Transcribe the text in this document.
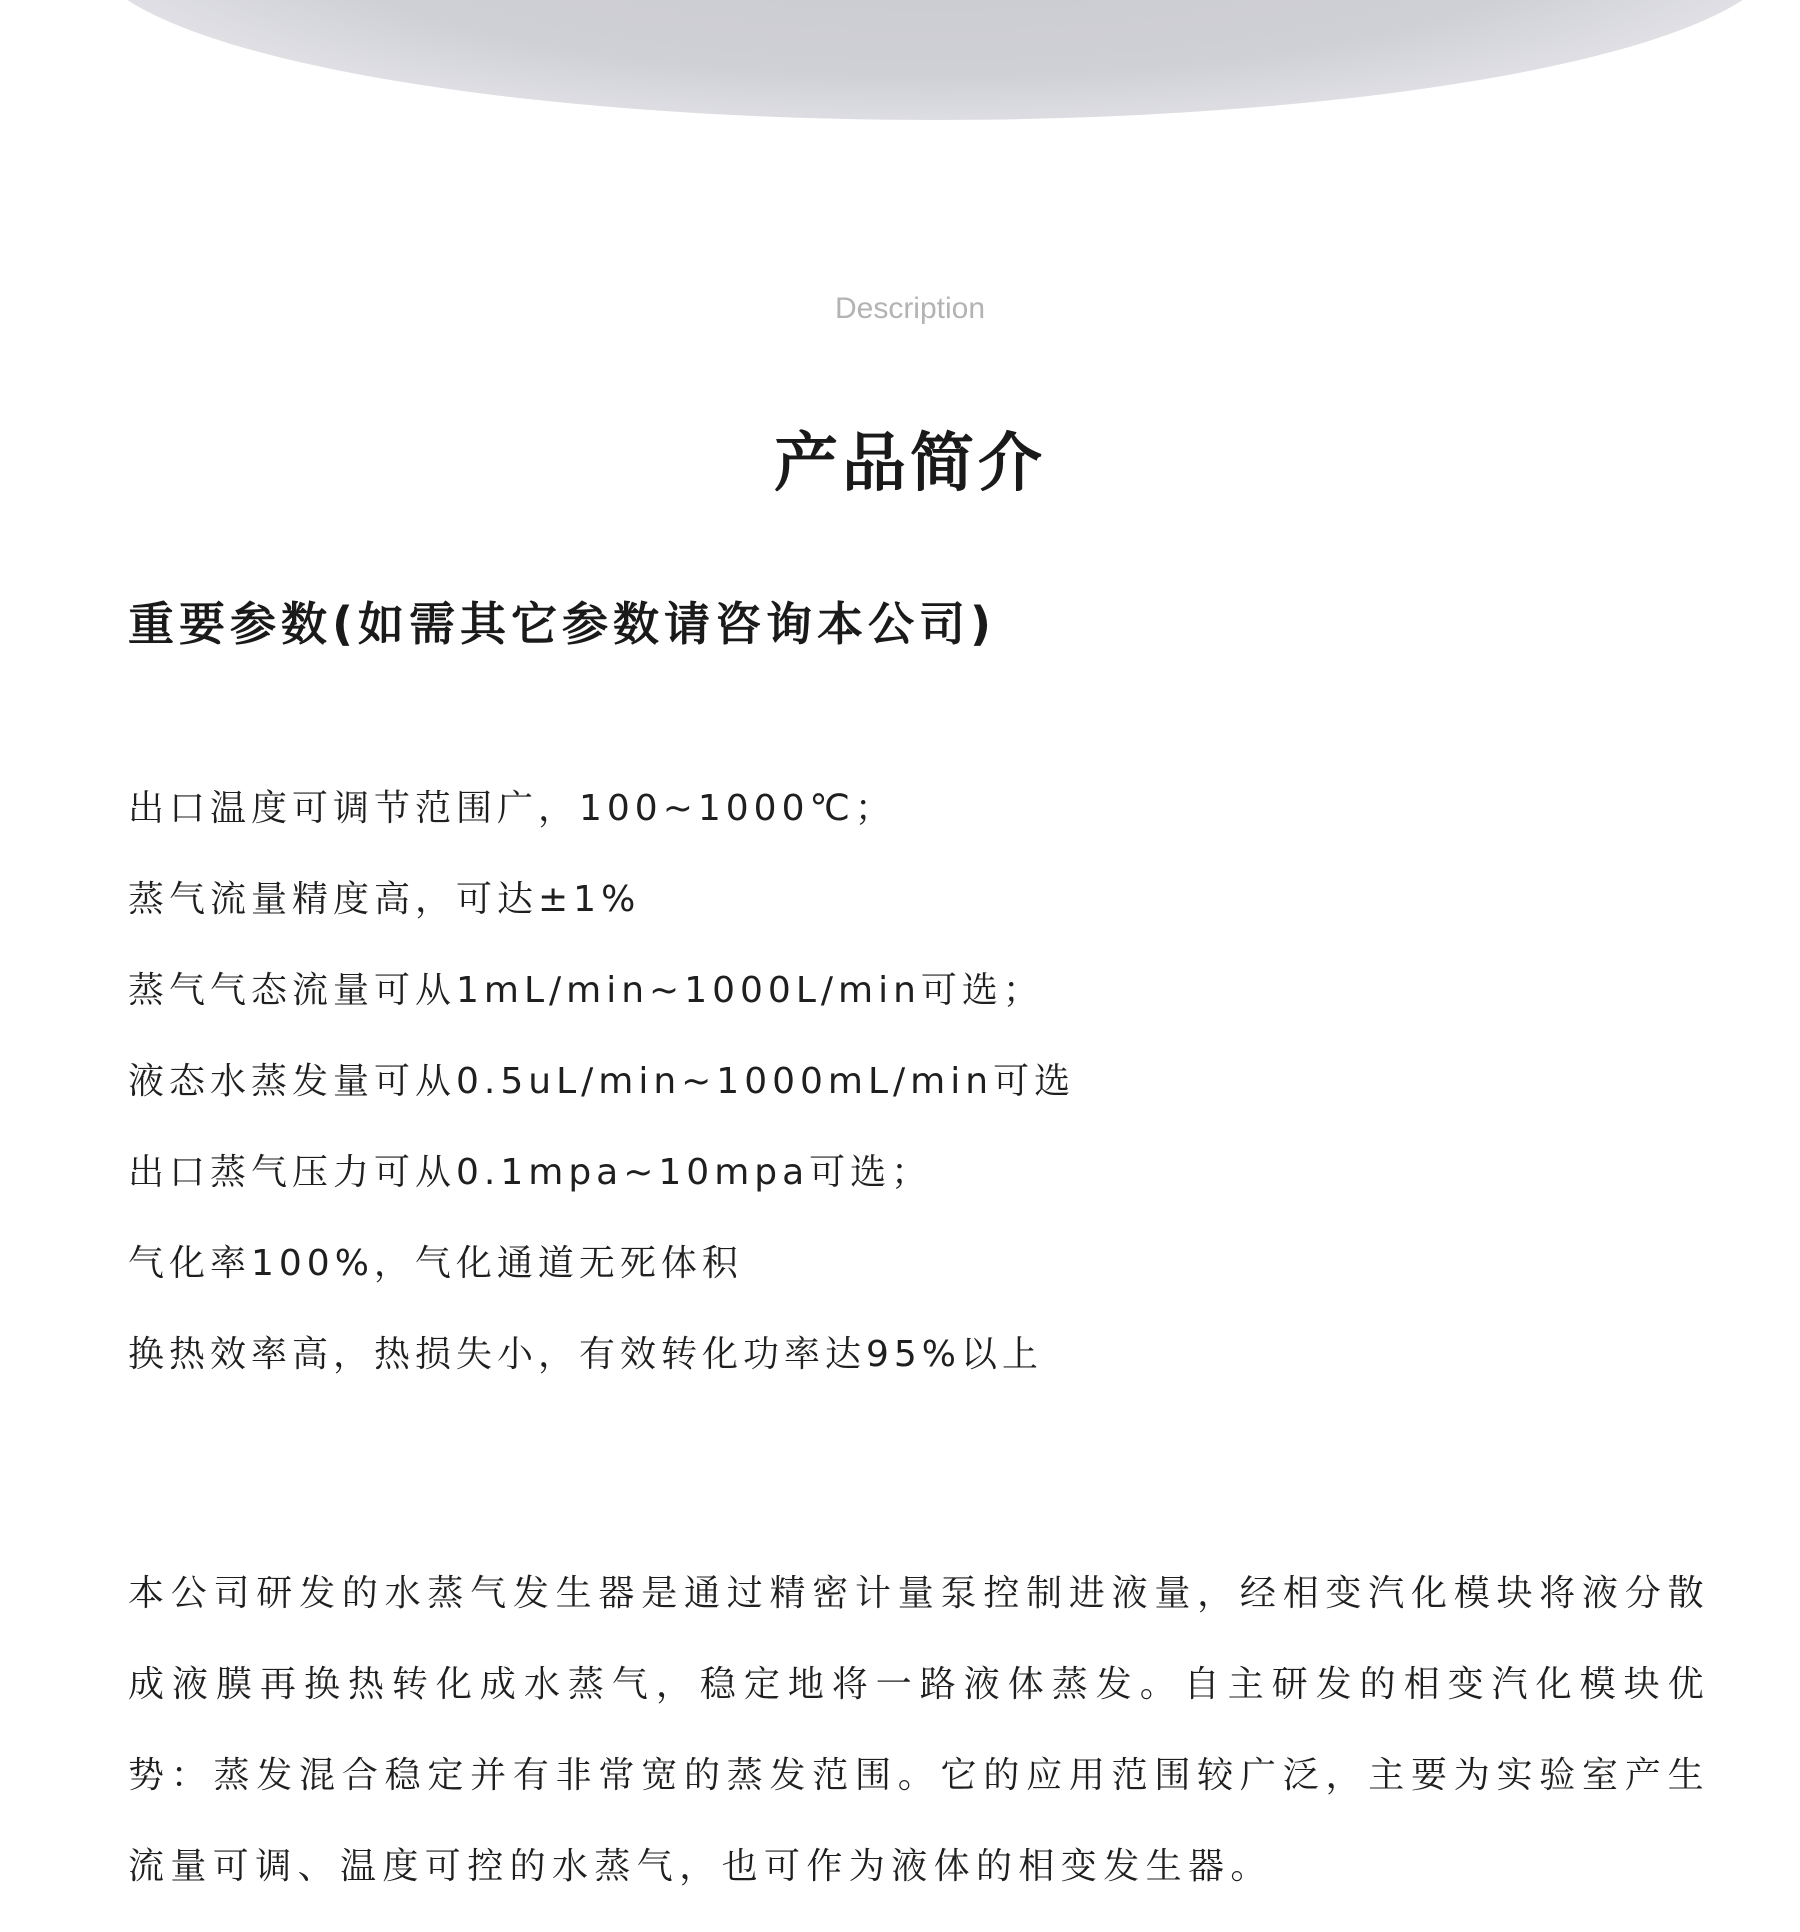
Description
产品简介
重要参数(如需其它参数请咨询本公司)
出口温度可调节范围广，100~1000℃；
蒸气流量精度高，可达±1%
蒸气气态流量可从1mL/min~1000L/min可选；
液态水蒸发量可从0.5uL/min~1000mL/min可选
出口蒸气压力可从0.1mpa~10mpa可选；
气化率100%，气化通道无死体积
换热效率高，热损失小，有效转化功率达95%以上

本公司研发的水蒸气发生器是通过精密计量泵控制进液量，经相变汽化模块将液分散成液膜再换热转化成水蒸气，稳定地将一路液体蒸发。自主研发的相变汽化模块优势：蒸发混合稳定并有非常宽的蒸发范围。它的应用范围较广泛，主要为实验室产生流量可调、温度可控的水蒸气，也可作为液体的相变发生器。
